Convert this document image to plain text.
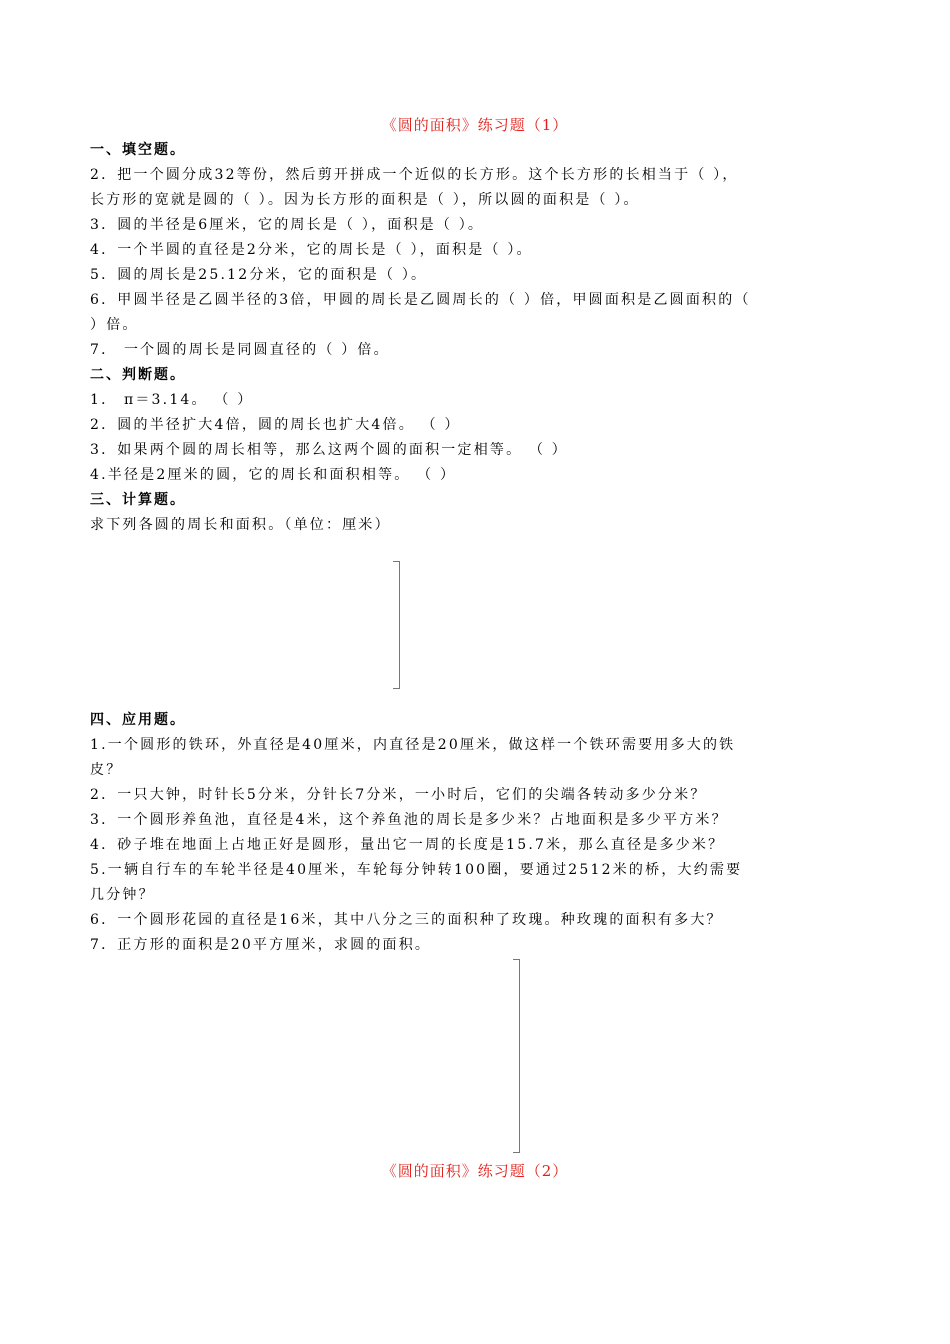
《圆的面积》练习题（1）
一、填空题。
2．把一个圆分成32等份，然后剪开拼成一个近似的长方形。这个长方形的长相当于（ ），
长方形的宽就是圆的（ ）。因为长方形的面积是（ ），所以圆的面积是（ ）。
3．圆的半径是6厘米，它的周长是（ ），面积是（ ）。
4．一个半圆的直径是2分米，它的周长是（ ），面积是（ ）。
5．圆的周长是25.12分米，它的面积是（ ）。
6．甲圆半径是乙圆半径的3倍，甲圆的周长是乙圆周长的（ ）倍，甲圆面积是乙圆面积的（
）倍。
7． 一个圆的周长是同圆直径的（ ）倍。
二、判断题。
1． π＝3.14。 （ ）
2．圆的半径扩大4倍，圆的周长也扩大4倍。 （ ）
3．如果两个圆的周长相等，那么这两个圆的面积一定相等。 （ ）
4.半径是2厘米的圆，它的周长和面积相等。 （ ）
三、计算题。
求下列各圆的周长和面积。（单位：厘米）
四、应用题。
1.一个圆形的铁环，外直径是40厘米，内直径是20厘米，做这样一个铁环需要用多大的铁
皮？
2．一只大钟，时针长5分米，分针长7分米，一小时后，它们的尖端各转动多少分米？
3．一个圆形养鱼池，直径是4米，这个养鱼池的周长是多少米？占地面积是多少平方米？
4．砂子堆在地面上占地正好是圆形，量出它一周的长度是15.7米，那么直径是多少米？
5.一辆自行车的车轮半径是40厘米，车轮每分钟转100圈，要通过2512米的桥，大约需要
几分钟？
6．一个圆形花园的直径是16米，其中八分之三的面积种了玫瑰。种玫瑰的面积有多大？
7．正方形的面积是20平方厘米，求圆的面积。
《圆的面积》练习题（2）
